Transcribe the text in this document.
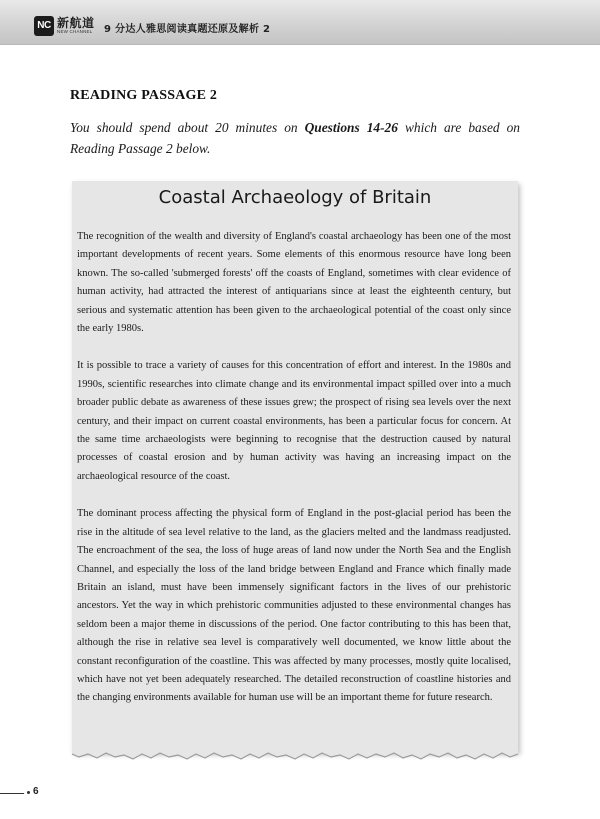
NC 新航道
NEW CHANNEL 9 分达人雅思阅读真题还原及解析 2
READING PASSAGE 2
You should spend about 20 minutes on Questions 14-26 which are based on Reading Passage 2 below.
Coastal Archaeology of Britain

The recognition of the wealth and diversity of England's coastal archaeology has been one of the most important developments of recent years. Some elements of this enormous resource have long been known. The so-called 'submerged forests' off the coasts of England, sometimes with clear evidence of human activity, had attracted the interest of antiquarians since at least the eighteenth century, but serious and systematic attention has been given to the archaeological potential of the coast only since the early 1980s.

It is possible to trace a variety of causes for this concentration of effort and interest. In the 1980s and 1990s, scientific researches into climate change and its environmental impact spilled over into a much broader public debate as awareness of these issues grew; the prospect of rising sea levels over the next century, and their impact on current coastal environments, has been a particular focus for concern. At the same time archaeologists were beginning to recognise that the destruction caused by natural processes of coastal erosion and by human activity was having an increasing impact on the archaeological resource of the coast.

The dominant process affecting the physical form of England in the post-glacial period has been the rise in the altitude of sea level relative to the land, as the glaciers melted and the landmass readjusted. The encroachment of the sea, the loss of huge areas of land now under the North Sea and the English Channel, and especially the loss of the land bridge between England and France which finally made Britain an island, must have been immensely significant factors in the lives of our prehistoric ancestors. Yet the way in which prehistoric communities adjusted to these environmental changes has seldom been a major theme in discussions of the period. One factor contributing to this has been that, although the rise in relative sea level is comparatively well documented, we know little about the constant reconfiguration of the coastline. This was affected by many processes, mostly quite localised, which have not yet been adequately researched. The detailed reconstruction of coastline histories and the changing environments available for human use will be an important theme for future research.

6
